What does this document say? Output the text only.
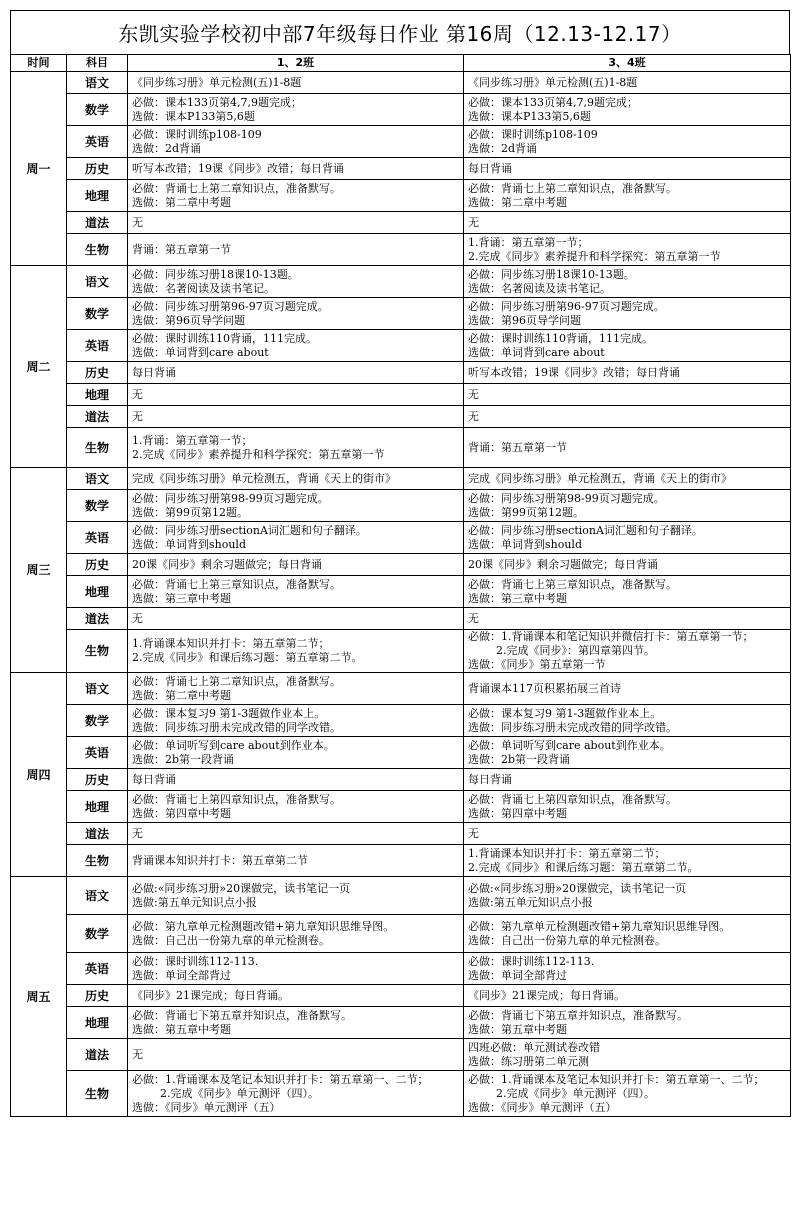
东凯实验学校初中部7年级每日作业 第16周（12.13-12.17）
时间	科目	1、2班	3、4班
周一	语文	《同步练习册》单元检测(五)1-8题	《同步练习册》单元检测(五)1-8题
	数学	必做：课本133页第4,7,9题完成；
选做：课本P133第5,6题	必做：课本133页第4,7,9题完成；
选做：课本P133第5,6题
	英语	必做：课时训练p108-109
选做：2d背诵	必做：课时训练p108-109
选做：2d背诵
	历史	听写本改错；19课《同步》改错；每日背诵	每日背诵
	地理	必做：背诵七上第二章知识点，准备默写。
选做：第二章中考题	必做：背诵七上第二章知识点，准备默写。
选做：第二章中考题
	道法	无	无
	生物	背诵：第五章第一节	1.背诵：第五章第一节；
2.完成《同步》素养提升和科学探究：第五章第一节
周二	语文	必做：同步练习册18课10-13题。
选做：名著阅读及读书笔记。	必做：同步练习册18课10-13题。
选做：名著阅读及读书笔记。
	数学	必做：同步练习册第96-97页习题完成。
选做：第96页导学问题	必做：同步练习册第96-97页习题完成。
选做：第96页导学问题
	英语	必做：课时训练110背诵，111完成。
选做：单词背到care about	必做：课时训练110背诵，111完成。
选做：单词背到care about
	历史	每日背诵	听写本改错；19课《同步》改错；每日背诵
	地理	无	无
	道法	无	无
	生物	1.背诵：第五章第一节；
2.完成《同步》素养提升和科学探究：第五章第一节	背诵：第五章第一节
周三	语文	完成《同步练习册》单元检测五，背诵《天上的街市》	完成《同步练习册》单元检测五，背诵《天上的街市》
	数学	必做：同步练习册第98-99页习题完成。
选做：第99页第12题。	必做：同步练习册第98-99页习题完成。
选做：第99页第12题。
	英语	必做：同步练习册sectionA词汇题和句子翻译。
选做：单词背到should	必做：同步练习册sectionA词汇题和句子翻译。
选做：单词背到should
	历史	20课《同步》剩余习题做完；每日背诵	20课《同步》剩余习题做完；每日背诵
	地理	必做：背诵七上第三章知识点，准备默写。
选做：第三章中考题	必做：背诵七上第三章知识点，准备默写。
选做：第三章中考题
	道法	无	无
	生物	1.背诵课本知识并打卡：第五章第二节；
2.完成《同步》和课后练习题：第五章第二节。	必做：1.背诵课本和笔记知识并微信打卡：第五章第一节；
2.完成《同步》：第四章第四节。
选做：《同步》第五章第一节
周四	语文	必做：背诵七上第二章知识点，准备默写。
选做：第二章中考题	背诵课本117页积累拓展三首诗
	数学	必做：课本复习9 第1-3题做作业本上。
选做：同步练习册未完成改错的同学改错。	必做：课本复习9 第1-3题做作业本上。
选做：同步练习册未完成改错的同学改错。
	英语	必做：单词听写到care about到作业本。
选做：2b第一段背诵	必做：单词听写到care about到作业本。
选做：2b第一段背诵
	历史	每日背诵	每日背诵
	地理	必做：背诵七上第四章知识点，准备默写。
选做：第四章中考题	必做：背诵七上第四章知识点，准备默写。
选做：第四章中考题
	道法	无	无
	生物	背诵课本知识并打卡：第五章第二节	1.背诵课本知识并打卡：第五章第二节；
2.完成《同步》和课后练习题：第五章第二节。
周五	语文	必做:«同步练习册»20课做完，读书笔记一页
选做:第五单元知识点小报	必做:«同步练习册»20课做完，读书笔记一页
选做:第五单元知识点小报
	数学	必做：第九章单元检测题改错+第九章知识思维导图。
选做：自己出一份第九章的单元检测卷。	必做：第九章单元检测题改错+第九章知识思维导图。
选做：自己出一份第九章的单元检测卷。
	英语	必做：课时训练112-113.
选做：单词全部背过	必做：课时训练112-113.
选做：单词全部背过
	历史	《同步》21课完成；每日背诵。	《同步》21课完成；每日背诵。
	地理	必做：背诵七下第五章并知识点，准备默写。
选做：第五章中考题	必做：背诵七下第五章并知识点，准备默写。
选做：第五章中考题
	道法	无	四班必做：单元测试卷改错
选做：练习册第二单元测
	生物	必做：1.背诵课本及笔记本知识并打卡：第五章第一、二节；
2.完成《同步》单元测评（四）。
选做：《同步》单元测评（五）	必做：1.背诵课本及笔记本知识并打卡：第五章第一、二节；
2.完成《同步》单元测评（四）。
选做：《同步》单元测评（五）
